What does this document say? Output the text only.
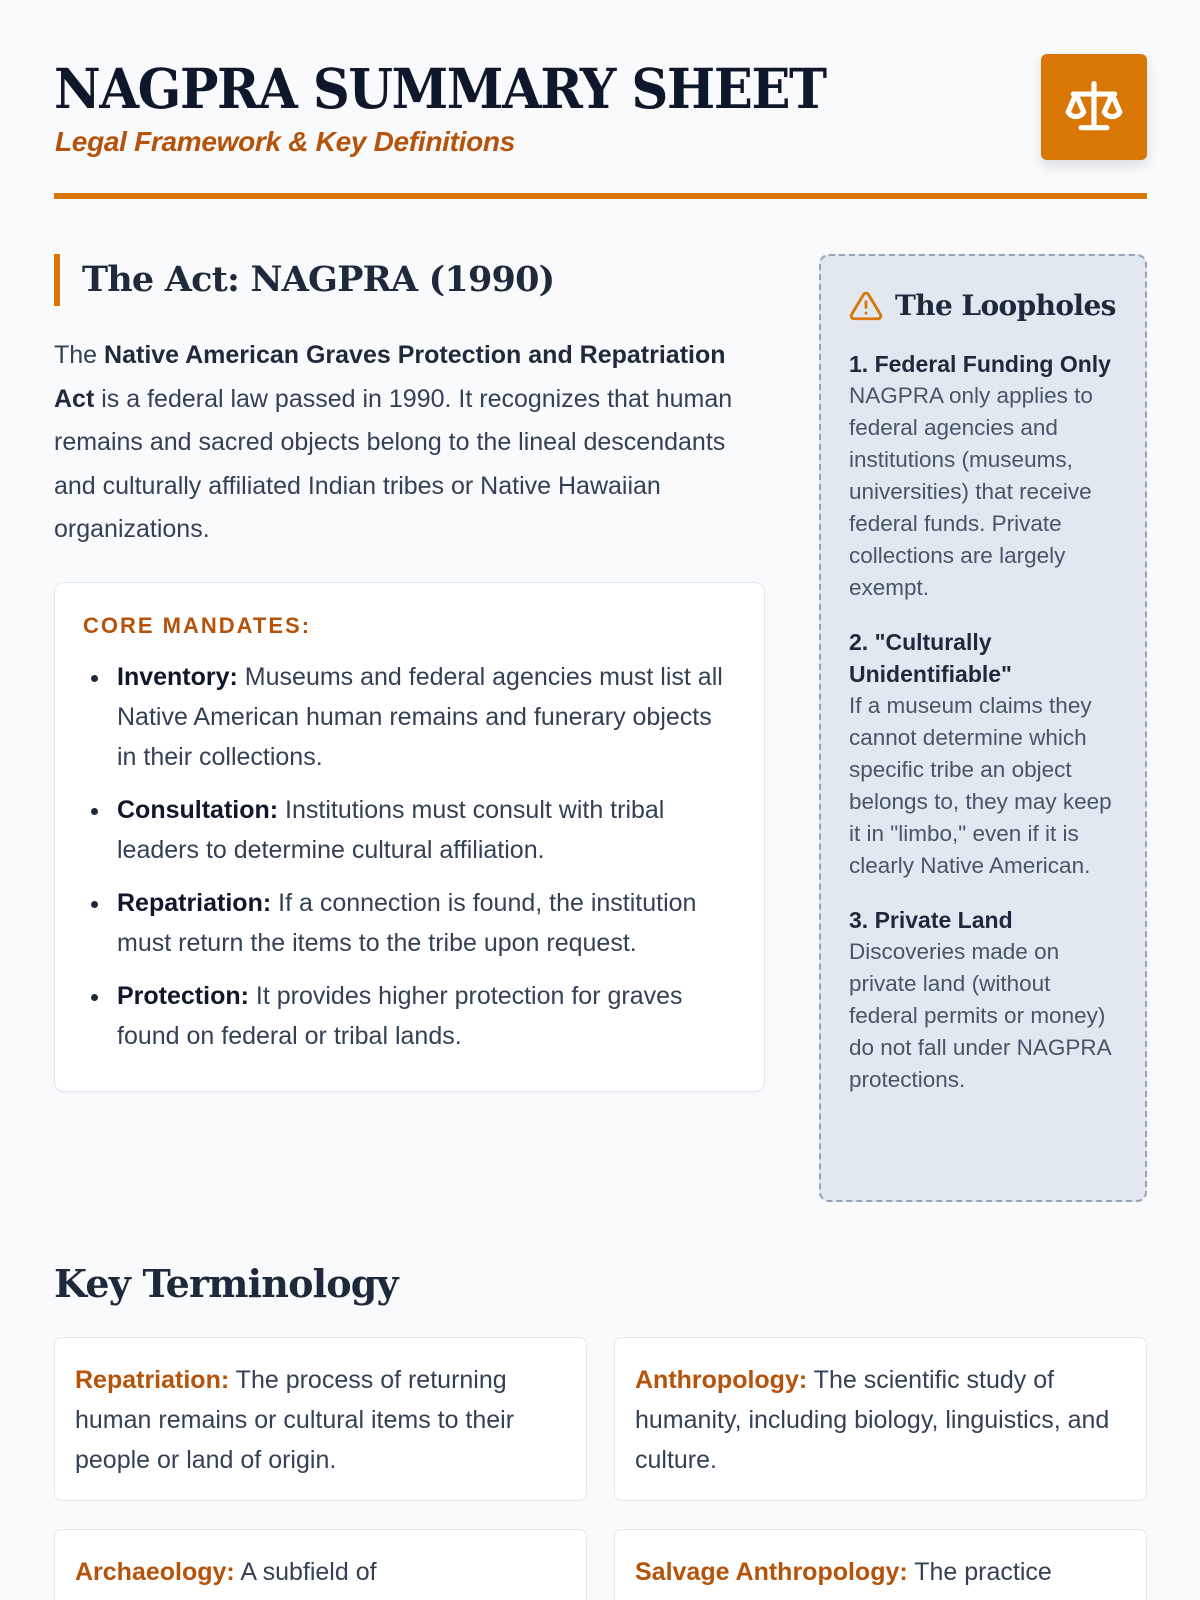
NAGPRA SUMMARY SHEET
Legal Framework & Key Definitions
The Act: NAGPRA (1990)

The Native American Graves Protection and Repatriation Act is a federal law passed in 1990. It recognizes that human remains and sacred objects belong to the lineal descendants and culturally affiliated Indian tribes or Native Hawaiian organizations.

CORE MANDATES:
Inventory: Museums and federal agencies must list all Native American human remains and funerary objects in their collections.
Consultation: Institutions must consult with tribal leaders to determine cultural affiliation.
Repatriation: If a connection is found, the institution must return the items to the tribe upon request.
Protection: It provides higher protection for graves found on federal or tribal lands.
The Loopholes
1. Federal Funding Only
NAGPRA only applies to federal agencies and institutions (museums, universities) that receive federal funds. Private collections are largely exempt.
2. "Culturally Unidentifiable"
If a museum claims they cannot determine which specific tribe an object belongs to, they may keep it in "limbo," even if it is clearly Native American.
3. Private Land
Discoveries made on private land (without federal permits or money) do not fall under NAGPRA protections.
Key Terminology
Repatriation: The process of returning human remains or cultural items to their people or land of origin.
Anthropology: The scientific study of humanity, including biology, linguistics, and culture.
Archaeology: A subfield of	Salvage Anthropology: The practice
